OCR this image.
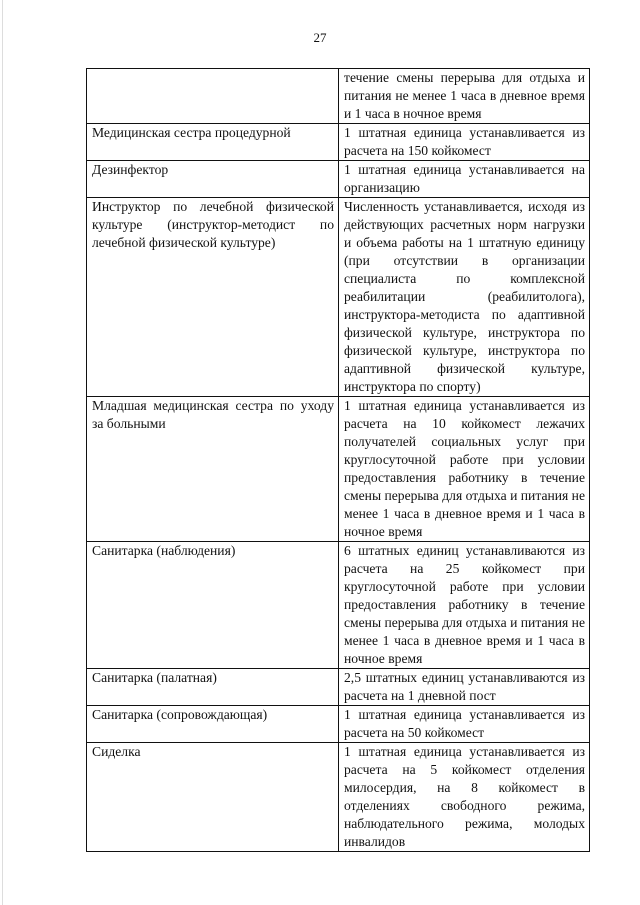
27
	течение смены перерыва для отдыха и питания не менее 1 часа в дневное время и 1 часа в ночное время
Медицинская сестра процедурной	1 штатная единица устанавливается из расчета на 150 койкомест
Дезинфектор	1 штатная единица устанавливается на организацию
Инструктор по лечебной физической культуре (инструктор-методист по лечебной физической культуре)	Численность устанавливается, исходя из действующих расчетных норм нагрузки и объема работы на 1 штатную единицу (при отсутствии в организации специалиста по комплексной реабилитации (реабилитолога), инструктора-методиста по адаптивной физической культуре, инструктора по физической культуре, инструктора по адаптивной физической культуре, инструктора по спорту)
Младшая медицинская сестра по уходу за больными	1 штатная единица устанавливается из расчета на 10 койкомест лежачих получателей социальных услуг при круглосуточной работе при условии предоставления работнику в течение смены перерыва для отдыха и питания не менее 1 часа в дневное время и 1 часа в ночное время
Санитарка (наблюдения)	6 штатных единиц устанавливаются из расчета на 25 койкомест при круглосуточной работе при условии предоставления работнику в течение смены перерыва для отдыха и питания не менее 1 часа в дневное время и 1 часа в ночное время
Санитарка (палатная)	2,5 штатных единиц устанавливаются из расчета на 1 дневной пост
Санитарка (сопровождающая)	1 штатная единица устанавливается из расчета на 50 койкомест
Сиделка	1 штатная единица устанавливается из расчета на 5 койкомест отделения милосердия, на 8 койкомест в отделениях свободного режима, наблюдательного режима, молодых инвалидов
